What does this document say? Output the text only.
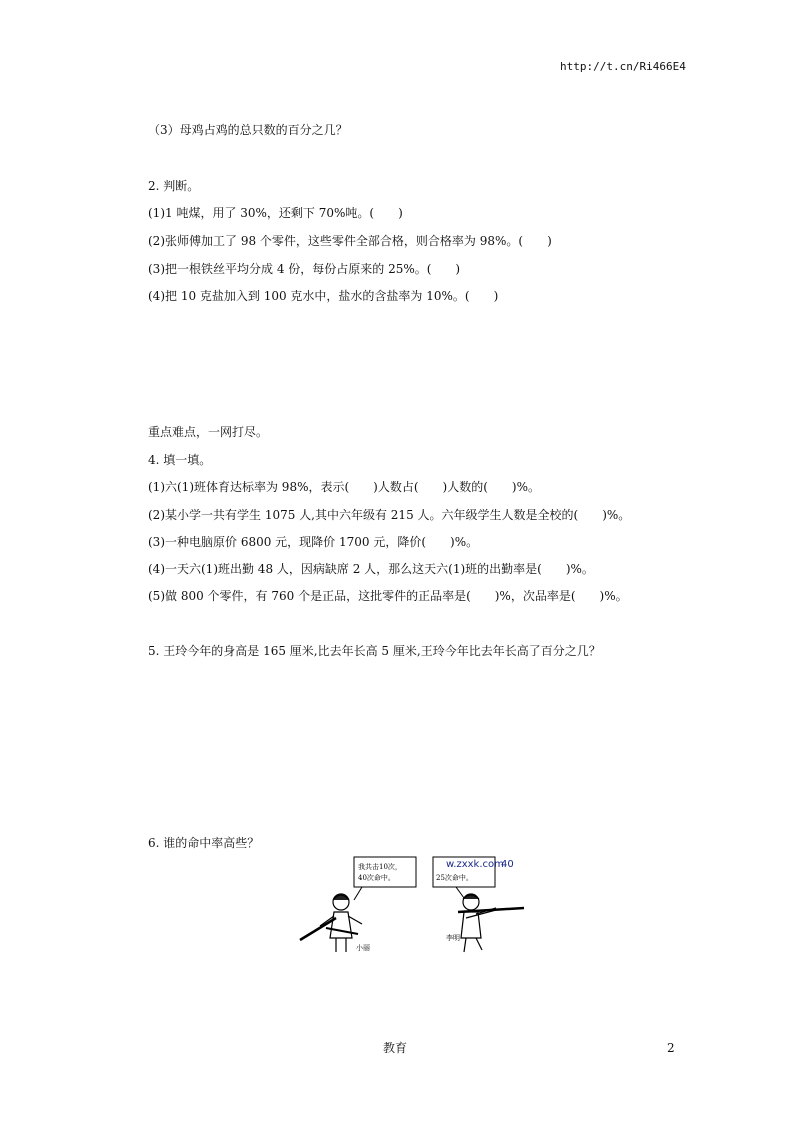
http://t.cn/Ri466E4
（3）母鸡占鸡的总只数的百分之几？
2. 判断。
(1)1 吨煤，用了 30%，还剩下 70%吨。(　　)
(2)张师傅加工了 98 个零件，这些零件全部合格，则合格率为 98%。(　　)
(3)把一根铁丝平均分成 4 份，每份占原来的 25%。(　　)
(4)把 10 克盐加入到 100 克水中，盐水的含盐率为 10%。(　　)
重点难点，一网打尽。
4. 填一填。
(1)六(1)班体育达标率为 98%，表示(　　)人数占(　　)人数的(　　)%。
(2)某小学一共有学生 1075 人,其中六年级有 215 人。六年级学生人数是全校的(　　)%。
(3)一种电脑原价 6800 元，现降价 1700 元，降价(　　)%。
(4)一天六(1)班出勤 48 人，因病缺席 2 人，那么这天六(1)班的出勤率是(　　)%。
(5)做 800 个零件，有 760 个是正品，这批零件的正品率是(　　)%，次品率是(　　)%。
5. 王玲今年的身高是 165 厘米,比去年长高 5 厘米,王玲今年比去年长高了百分之几？
6. 谁的命中率高些？
我共击10次，
40次命中。
小丽
w.zxxk.com
40
25次命中。
李明
教育	2
